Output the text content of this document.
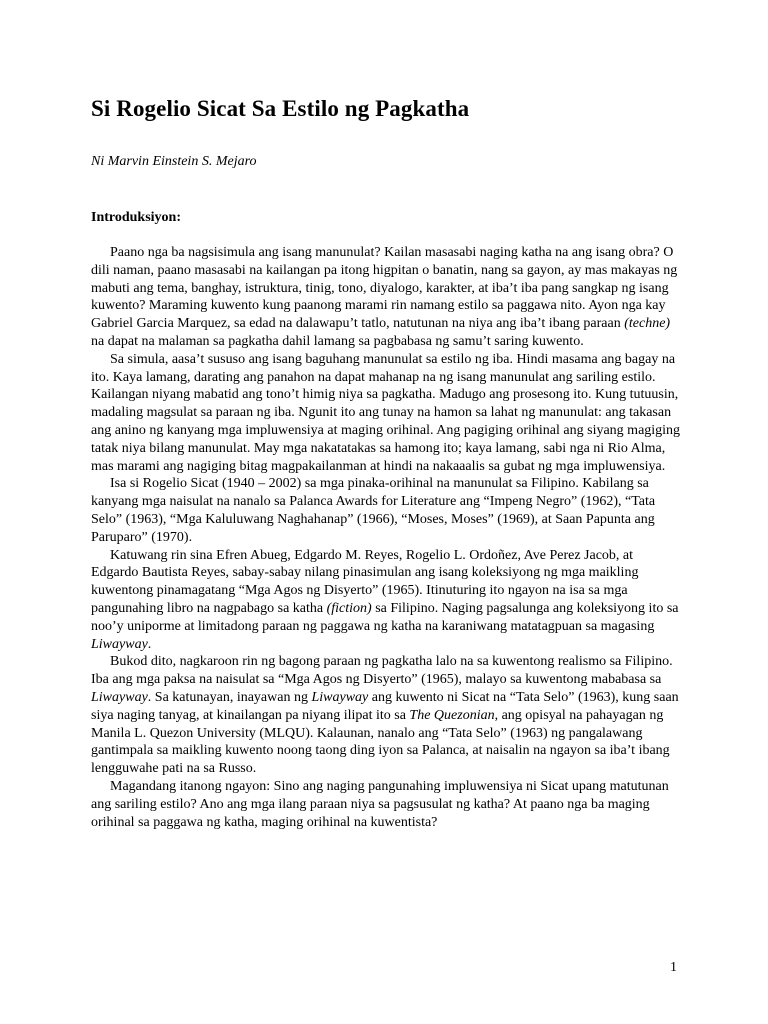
Si Rogelio Sicat Sa Estilo ng Pagkatha

Ni Marvin Einstein S. Mejaro

Introduksiyon:

Paano nga ba nagsisimula ang isang manunulat? Kailan masasabi naging katha na ang isang obra? O dili naman, paano masasabi na kailangan pa itong higpitan o banatin, nang sa gayon, ay mas makayas ng mabuti ang tema, banghay, istruktura, tinig, tono, diyalogo, karakter, at iba’t iba pang sangkap ng isang kuwento? Maraming kuwento kung paanong marami rin namang estilo sa paggawa nito. Ayon nga kay Gabriel Garcia Marquez, sa edad na dalawapu’t tatlo, natutunan na niya ang iba’t ibang paraan (techne) na dapat na malaman sa pagkatha dahil lamang sa pagbabasa ng samu’t saring kuwento.

Sa simula, aasa’t sususo ang isang baguhang manunulat sa estilo ng iba. Hindi masama ang bagay na ito. Kaya lamang, darating ang panahon na dapat mahanap na ng isang manunulat ang sariling estilo. Kailangan niyang mabatid ang tono’t himig niya sa pagkatha. Madugo ang prosesong ito. Kung tutuusin, madaling magsulat sa paraan ng iba. Ngunit ito ang tunay na hamon sa lahat ng manunulat: ang takasan ang anino ng kanyang mga impluwensiya at maging orihinal. Ang pagiging orihinal ang siyang magiging tatak niya bilang manunulat. May mga nakatatakas sa hamong ito; kaya lamang, sabi nga ni Rio Alma, mas marami ang nagiging bitag magpakailanman at hindi na nakaaalis sa gubat ng mga impluwensiya.

Isa si Rogelio Sicat (1940 – 2002) sa mga pinaka-orihinal na manunulat sa Filipino. Kabilang sa kanyang mga naisulat na nanalo sa Palanca Awards for Literature ang “Impeng Negro” (1962), “Tata Selo” (1963), “Mga Kaluluwang Naghahanap” (1966), “Moses, Moses” (1969), at Saan Papunta ang Paruparo” (1970).

Katuwang rin sina Efren Abueg, Edgardo M. Reyes, Rogelio L. Ordoñez, Ave Perez Jacob, at Edgardo Bautista Reyes, sabay-sabay nilang pinasimulan ang isang koleksiyong ng mga maikling kuwentong pinamagatang “Mga Agos ng Disyerto” (1965). Itinuturing ito ngayon na isa sa mga pangunahing libro na nagpabago sa katha (fiction) sa Filipino. Naging pagsalunga ang koleksiyong ito sa noo’y uniporme at limitadong paraan ng paggawa ng katha na karaniwang matatagpuan sa magasing Liwayway.

Bukod dito, nagkaroon rin ng bagong paraan ng pagkatha lalo na sa kuwentong realismo sa Filipino. Iba ang mga paksa na naisulat sa “Mga Agos ng Disyerto” (1965), malayo sa kuwentong mababasa sa Liwayway. Sa katunayan, inayawan ng Liwayway ang kuwento ni Sicat na “Tata Selo” (1963), kung saan siya naging tanyag, at kinailangan pa niyang ilipat ito sa The Quezonian, ang opisyal na pahayagan ng Manila L. Quezon University (MLQU). Kalaunan, nanalo ang “Tata Selo” (1963) ng pangalawang gantimpala sa maikling kuwento noong taong ding iyon sa Palanca, at naisalin na ngayon sa iba’t ibang lengguwahe pati na sa Russo.

Magandang itanong ngayon: Sino ang naging pangunahing impluwensiya ni Sicat upang matutunan ang sariling estilo? Ano ang mga ilang paraan niya sa pagsusulat ng katha? At paano nga ba maging orihinal sa paggawa ng katha, maging orihinal na kuwentista?

1
